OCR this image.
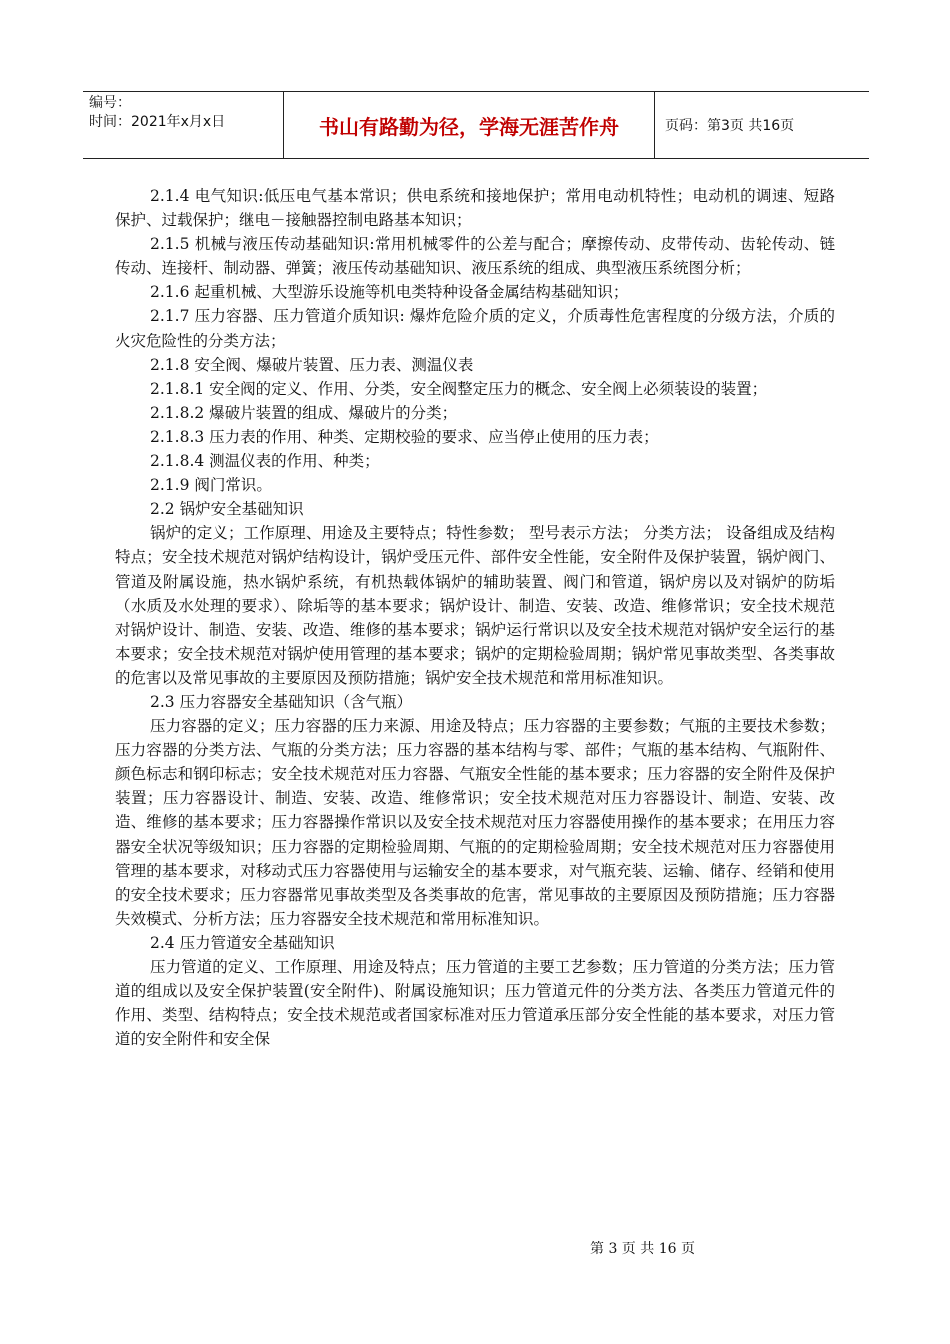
编号：
时间：2021年x月x日	书山有路勤为径，学海无涯苦作舟	页码：第3页 共16页

2.1.4 电气知识:低压电气基本常识；供电系统和接地保护；常用电动机特性；电动机的调速、短路保护、过载保护；继电－接触器控制电路基本知识；

2.1.5 机械与液压传动基础知识:常用机械零件的公差与配合；摩擦传动、皮带传动、齿轮传动、链传动、连接杆、制动器、弹簧；液压传动基础知识、液压系统的组成、典型液压系统图分析；

2.1.6 起重机械、大型游乐设施等机电类特种设备金属结构基础知识；

2.1.7 压力容器、压力管道介质知识: 爆炸危险介质的定义，介质毒性危害程度的分级方法，介质的火灾危险性的分类方法；

2.1.8 安全阀、爆破片装置、压力表、测温仪表

2.1.8.1 安全阀的定义、作用、分类，安全阀整定压力的概念、安全阀上必须装设的装置；

2.1.8.2 爆破片装置的组成、爆破片的分类；

2.1.8.3 压力表的作用、种类、定期校验的要求、应当停止使用的压力表；

2.1.8.4 测温仪表的作用、种类；

2.1.9 阀门常识。

2.2 锅炉安全基础知识

锅炉的定义；工作原理、用途及主要特点；特性参数； 型号表示方法； 分类方法； 设备组成及结构特点；安全技术规范对锅炉结构设计，锅炉受压元件、部件安全性能，安全附件及保护装置，锅炉阀门、管道及附属设施，热水锅炉系统，有机热载体锅炉的辅助装置、阀门和管道，锅炉房以及对锅炉的防垢（水质及水处理的要求）、除垢等的基本要求；锅炉设计、制造、安装、改造、维修常识；安全技术规范对锅炉设计、制造、安装、改造、维修的基本要求；锅炉运行常识以及安全技术规范对锅炉安全运行的基本要求；安全技术规范对锅炉使用管理的基本要求；锅炉的定期检验周期；锅炉常见事故类型、各类事故的危害以及常见事故的主要原因及预防措施；锅炉安全技术规范和常用标准知识。

2.3 压力容器安全基础知识（含气瓶）

压力容器的定义；压力容器的压力来源、用途及特点；压力容器的主要参数；气瓶的主要技术参数；压力容器的分类方法、气瓶的分类方法；压力容器的基本结构与零、部件；气瓶的基本结构、气瓶附件、颜色标志和钢印标志；安全技术规范对压力容器、气瓶安全性能的基本要求；压力容器的安全附件及保护装置；压力容器设计、制造、安装、改造、维修常识；安全技术规范对压力容器设计、制造、安装、改造、维修的基本要求；压力容器操作常识以及安全技术规范对压力容器使用操作的基本要求；在用压力容器安全状况等级知识；压力容器的定期检验周期、气瓶的的定期检验周期；安全技术规范对压力容器使用管理的基本要求，对移动式压力容器使用与运输安全的基本要求，对气瓶充装、运输、储存、经销和使用的安全技术要求；压力容器常见事故类型及各类事故的危害，常见事故的主要原因及预防措施；压力容器失效模式、分析方法；压力容器安全技术规范和常用标准知识。

2.4 压力管道安全基础知识

压力管道的定义、工作原理、用途及特点；压力管道的主要工艺参数；压力管道的分类方法；压力管道的组成以及安全保护装置(安全附件)、附属设施知识；压力管道元件的分类方法、各类压力管道元件的作用、类型、结构特点；安全技术规范或者国家标准对压力管道承压部分安全性能的基本要求，对压力管道的安全附件和安全保

第 3 页 共 16 页
